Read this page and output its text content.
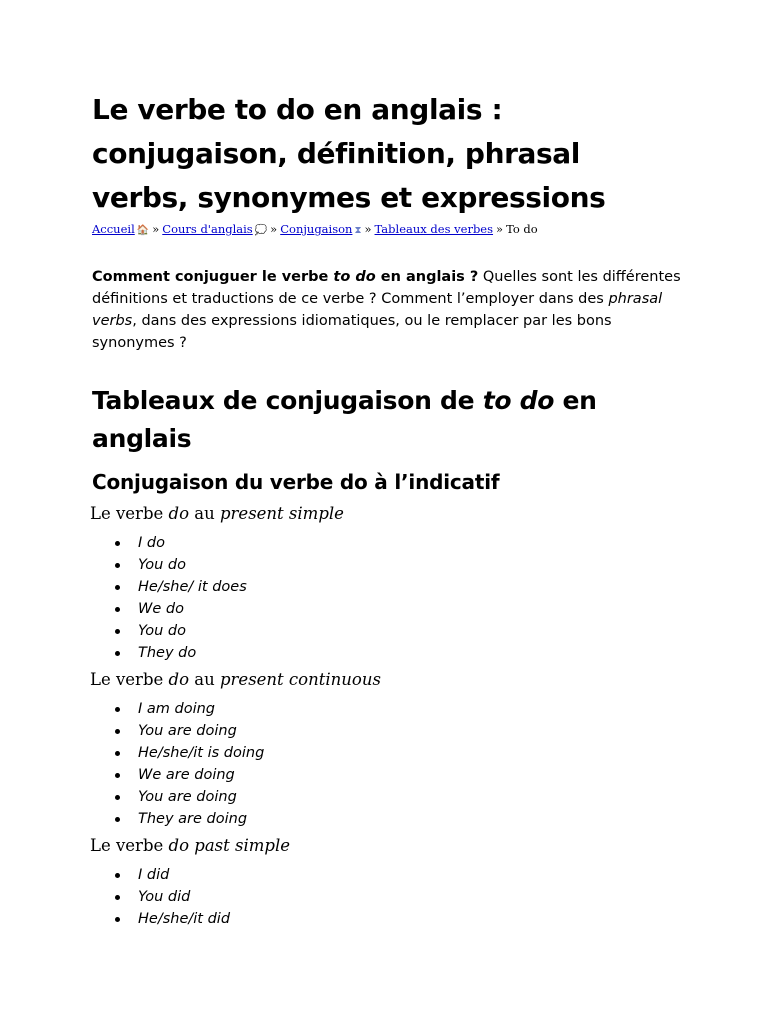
Le verbe to do en anglais : conjugaison, définition, phrasal verbs, synonymes et expressions
Accueil 🏠 » Cours d'anglais 💭 » Conjugaison ⧗ » Tableaux des verbes » To do

Comment conjuguer le verbe to do en anglais ? Quelles sont les différentes définitions et traductions de ce verbe ? Comment l’employer dans des phrasal verbs, dans des expressions idiomatiques, ou le remplacer par les bons synonymes ?

Tableaux de conjugaison de to do en anglais
Conjugaison du verbe do à l’indicatif
Le verbe do au present simple
I do
You do
He/she/ it does
We do
You do
They do
Le verbe do au present continuous
I am doing
You are doing
He/she/it is doing
We are doing
You are doing
They are doing
Le verbe do past simple
I did
You did
He/she/it did
